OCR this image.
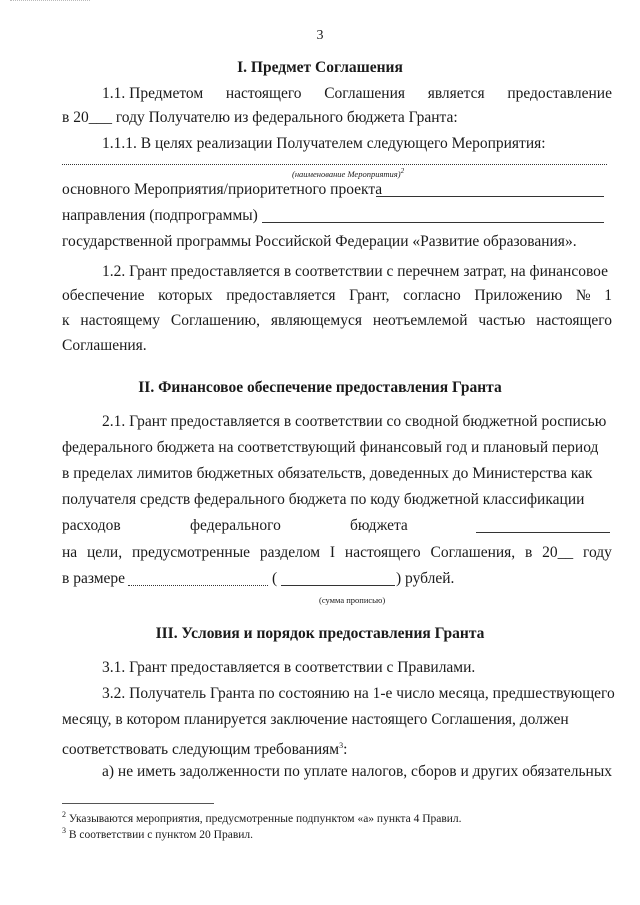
3
I. Предмет Соглашения
1.1. Предметом настоящего Соглашения является предоставление
в 20___ году Получателю из федерального бюджета Гранта:
1.1.1. В целях реализации Получателем следующего Мероприятия:
(наименование Мероприятия)$^2$
основного Мероприятия/приоритетного проекта
направления (подпрограммы)
государственной программы Российской Федерации «Развитие образования».
1.2. Грант предоставляется в соответствии с перечнем затрат, на финансовое
обеспечение которых предоставляется Грант, согласно Приложению № 1
к настоящему Соглашению, являющемуся неотъемлемой частью настоящего
Соглашения.
II. Финансовое обеспечение предоставления Гранта
2.1. Грант предоставляется в соответствии со сводной бюджетной росписью
федерального бюджета на соответствующий финансовый год и плановый период
в пределах лимитов бюджетных обязательств, доведенных до Министерства как
получателя средств федерального бюджета по коду бюджетной классификации
расходов	федерального	бюджета
на цели, предусмотренные разделом I настоящего Соглашения, в 20__ году
в размере	(	) рублей.
(сумма прописью)
III. Условия и порядок предоставления Гранта
3.1. Грант предоставляется в соответствии с Правилами.
3.2. Получатель Гранта по состоянию на 1-е число месяца, предшествующего
месяцу, в котором планируется заключение настоящего Соглашения, должен
соответствовать следующим требованиям$^3$:
а) не иметь задолженности по уплате налогов, сборов и других обязательных
$^2$ Указываются мероприятия, предусмотренные подпунктом «а» пункта 4 Правил.
$^3$ В соответствии с пунктом 20 Правил.
